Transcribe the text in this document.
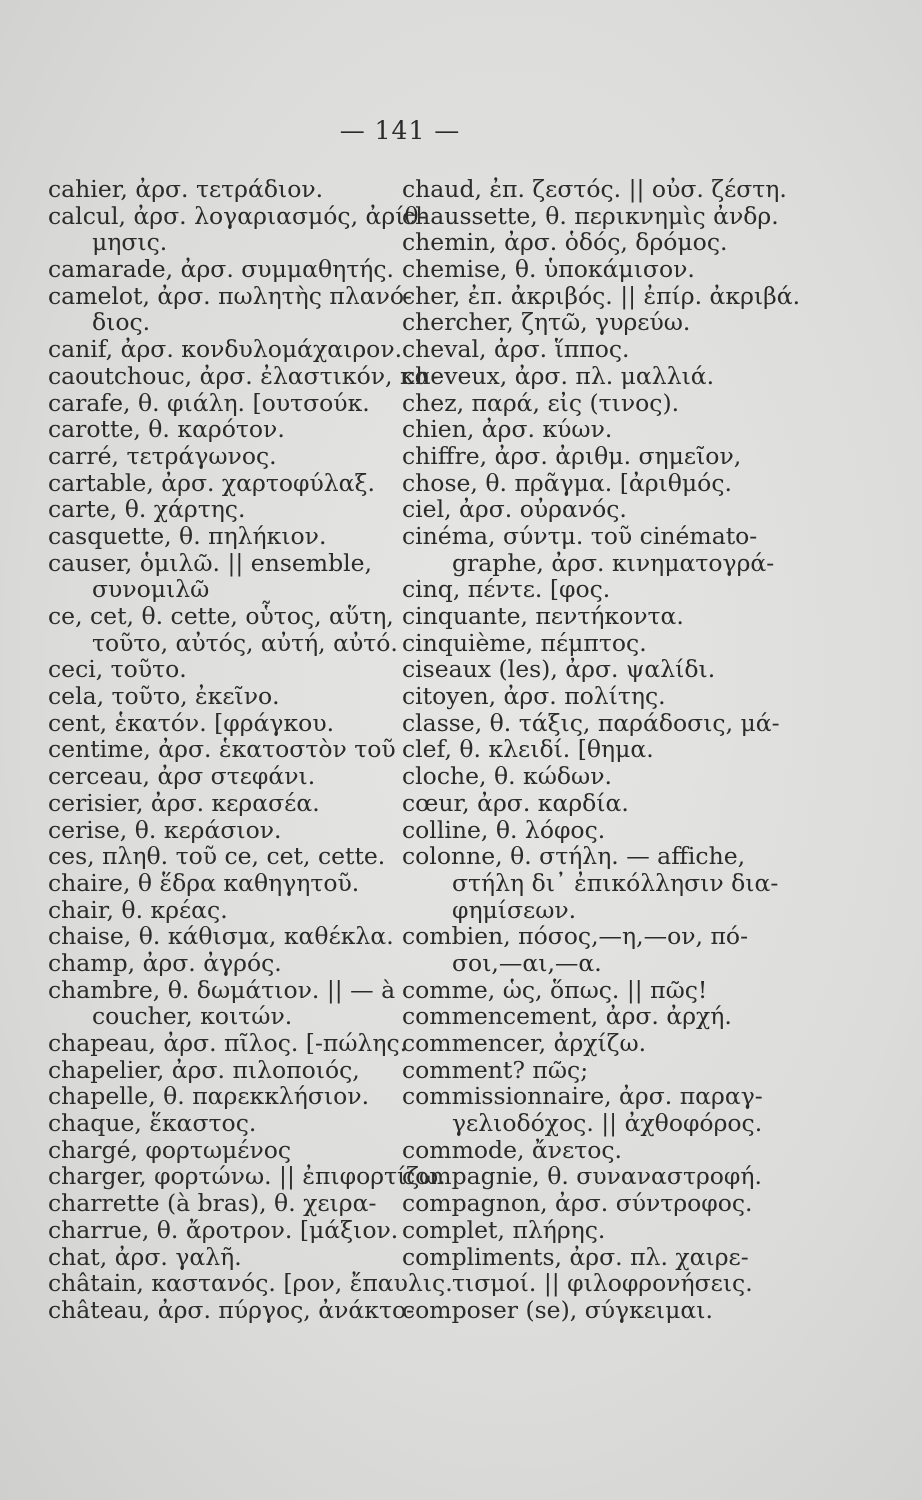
— 141 —
cahier, ἀρσ. τετράδιον.
calcul, ἀρσ. λογαριασμός, ἀρίθ-
μησις.
camarade, ἀρσ. συμμαθητής.
camelot, ἀρσ. πωλητὴς πλανό-
διος.
canif, ἀρσ. κονδυλομάχαιρον.
caoutchouc, ἀρσ. ἐλαστικόν, κα-
carafe, θ. φιάλη. [ουτσούκ.
carotte, θ. καρότον.
carré, τετράγωνος.
cartable, ἀρσ. χαρτοφύλαξ.
carte, θ. χάρτης.
casquette, θ. πηλήκιον.
causer, ὁμιλῶ. || ensemble,
συνομιλῶ
ce, cet, θ. cette, οὗτος, αὕτη,
τοῦτο, αὐτός, αὐτή, αὐτό.
ceci, τοῦτο.
cela, τοῦτο, ἐκεῖνο.
cent, ἑκατόν. [φράγκου.
centime, ἀρσ. ἑκατοστὸν τοῦ
cerceau, ἀρσ στεφάνι.
cerisier, ἀρσ. κερασέα.
cerise, θ. κεράσιον.
ces, πληθ. τοῦ ce, cet, cette.
chaire, θ ἕδρα καθηγητοῦ.
chair, θ. κρέας.
chaise, θ. κάθισμα, καθέκλα.
champ, ἀρσ. ἀγρός.
chambre, θ. δωμάτιον. || — à
coucher, κοιτών.
chapeau, ἀρσ. πῖλος. [-πώλης.
chapelier, ἀρσ. πιλοποιός,
chapelle, θ. παρεκκλήσιον.
chaque, ἕκαστος.
chargé, φορτωμένος
charger, φορτώνω. || ἐπιφορτίζω.
charrette (à bras), θ. χειρα-
charrue, θ. ἄροτρον. [μάξιον.
chat, ἀρσ. γαλῆ.
châtain, καστανός. [ρον, ἔπαυλις.
château, ἀρσ. πύργος, ἀνάκτο-
chaud, ἐπ. ζεστός. || οὐσ. ζέστη.
chaussette, θ. περικνημὶς ἀνδρ.
chemin, ἀρσ. ὁδός, δρόμος.
chemise, θ. ὑποκάμισον.
cher, ἐπ. ἀκριβός. || ἐπίρ. ἀκριβά.
chercher, ζητῶ, γυρεύω.
cheval, ἀρσ. ἵππος.
cheveux, ἀρσ. πλ. μαλλιά.
chez, παρά, εἰς (τινος).
chien, ἀρσ. κύων.
chiffre, ἀρσ. ἀριθμ. σημεῖον,
chose, θ. πρᾶγμα. [ἀριθμός.
ciel, ἀρσ. οὐρανός.
cinéma, σύντμ. τοῦ cinémato-
graphe, ἀρσ. κινηματογρά-
cinq, πέντε. [φος.
cinquante, πεντήκοντα.
cinquième, πέμπτος.
ciseaux (les), ἀρσ. ψαλίδι.
citoyen, ἀρσ. πολίτης.
classe, θ. τάξις, παράδοσις, μά-
clef, θ. κλειδί. [θημα.
cloche, θ. κώδων.
cœur, ἀρσ. καρδία.
colline, θ. λόφος.
colonne, θ. στήλη. — affiche,
στήλη δι᾽ ἐπικόλλησιν δια-
φημίσεων.
combien, πόσος,—η,—ον, πό-
σοι,—αι,—α.
comme, ὡς, ὅπως. || πῶς!
commencement, ἀρσ. ἀρχή.
commencer, ἀρχίζω.
comment? πῶς;
commissionnaire, ἀρσ. παραγ-
γελιοδόχος. || ἀχθοφόρος.
commode, ἄνετος.
compagnie, θ. συναναστροφή.
compagnon, ἀρσ. σύντροφος.
complet, πλήρης.
compliments, ἀρσ. πλ. χαιρε-
τισμοί. || φιλοφρονήσεις.
composer (se), σύγκειμαι.
